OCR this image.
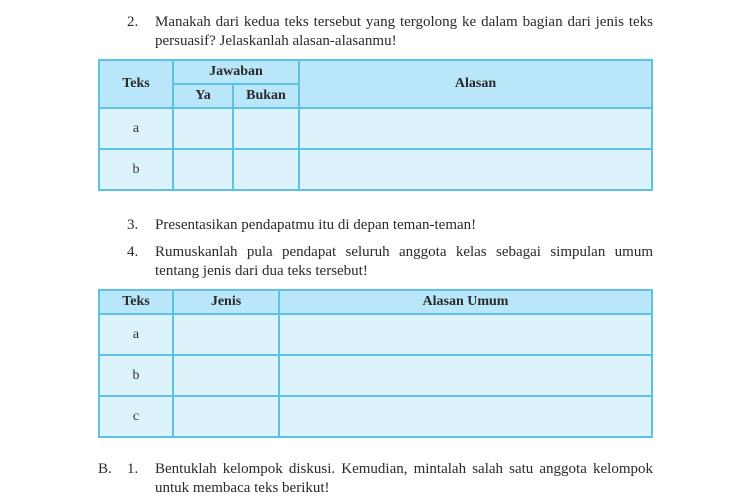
2. Manakah dari kedua teks tersebut yang tergolong ke dalam bagian dari jenis teks persuasif? Jelaskanlah alasan-alasanmu!
Teks	Jawaban		Alasan
	Ya	Bukan	
a			
b			
3. Presentasikan pendapatmu itu di depan teman-teman!
4. Rumuskanlah pula pendapat seluruh anggota kelas sebagai simpulan umum tentang jenis dari dua teks tersebut!
Teks	Jenis	Alasan Umum
a		
b		
c		
B. 1. Bentuklah kelompok diskusi. Kemudian, mintalah salah satu anggota kelompok untuk membaca teks berikut!
